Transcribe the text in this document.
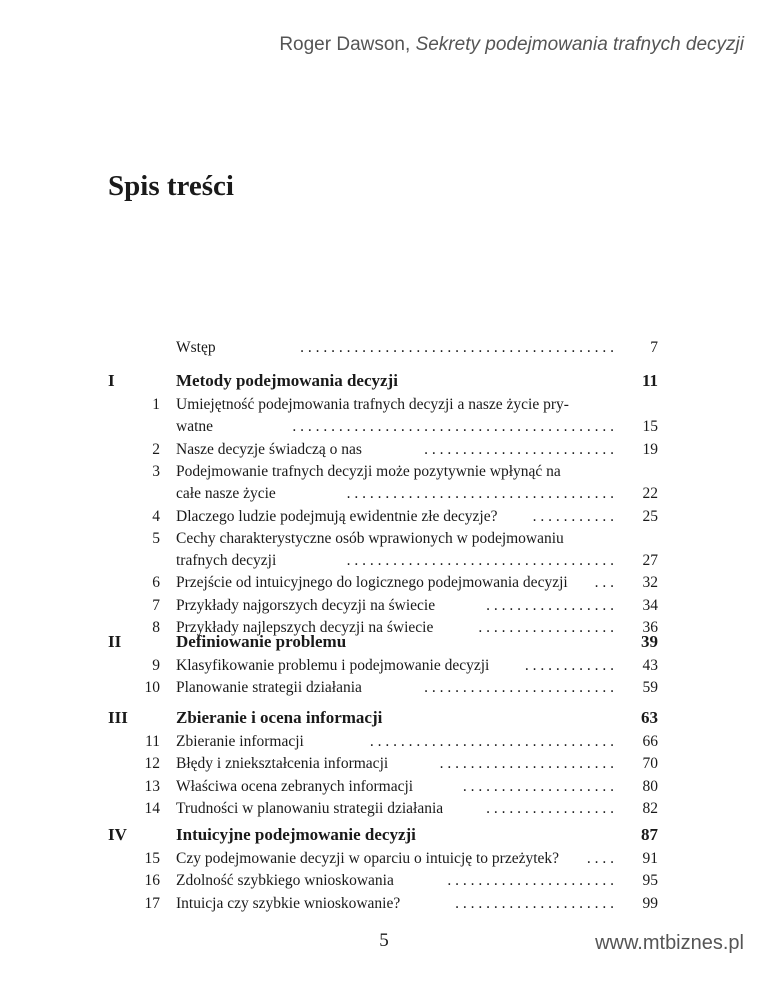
Roger Dawson, Sekrety podejmowania trafnych decyzji
Spis treści
Wstęp	. . . . . . . . . . . . . . . . . . . . . . . . . . . . . . . . . . . . . . . . .	7
I	Metody podejmowania decyzji	11
1 Umiejętność podejmowania trafnych decyzji a nasze życie pry-
watne	. . . . . . . . . . . . . . . . . . . . . . . . . . . . . . . . . . . . . . . . . .	15
2 Nasze decyzje świadczą o nas	. . . . . . . . . . . . . . . . . . . . . . . . .	19
3 Podejmowanie trafnych decyzji może pozytywnie wpłynąć na
całe nasze życie	. . . . . . . . . . . . . . . . . . . . . . . . . . . . . . . . . . .	22
4 Dlaczego ludzie podejmują ewidentnie złe decyzje? . . . . . . . . . . .	25
5 Cechy charakterystyczne osób wprawionych w podejmowaniu
trafnych decyzji	. . . . . . . . . . . . . . . . . . . . . . . . . . . . . . . . . . .	27
6 Przejście od intuicyjnego do logicznego podejmowania decyzji . . .	32
7 Przykłady najgorszych decyzji na świecie	. . . . . . . . . . . . . . . . .	34
8 Przykłady najlepszych decyzji na świecie	. . . . . . . . . . . . . . . . . .	36
II	Definiowanie problemu	39
9 Klasyfikowanie problemu i podejmowanie decyzji . . . . . . . . . . . .	43
10 Planowanie strategii działania	. . . . . . . . . . . . . . . . . . . . . . . . .	59
III	Zbieranie i ocena informacji	63
11 Zbieranie informacji	. . . . . . . . . . . . . . . . . . . . . . . . . . . . . . . .	66
12 Błędy i zniekształcenia informacji	. . . . . . . . . . . . . . . . . . . . . . .	70
13 Właściwa ocena zebranych informacji	. . . . . . . . . . . . . . . . . . . .	80
14 Trudności w planowaniu strategii działania	. . . . . . . . . . . . . . . . .	82
IV	Intuicyjne podejmowanie decyzji	87
15 Czy podejmowanie decyzji w oparciu o intuicję to przeżytek? . . . .	91
16 Zdolność szybkiego wnioskowania	. . . . . . . . . . . . . . . . . . . . . .	95
17 Intuicja czy szybkie wnioskowanie?	. . . . . . . . . . . . . . . . . . . . .	99
5	www.mtbiznes.pl
